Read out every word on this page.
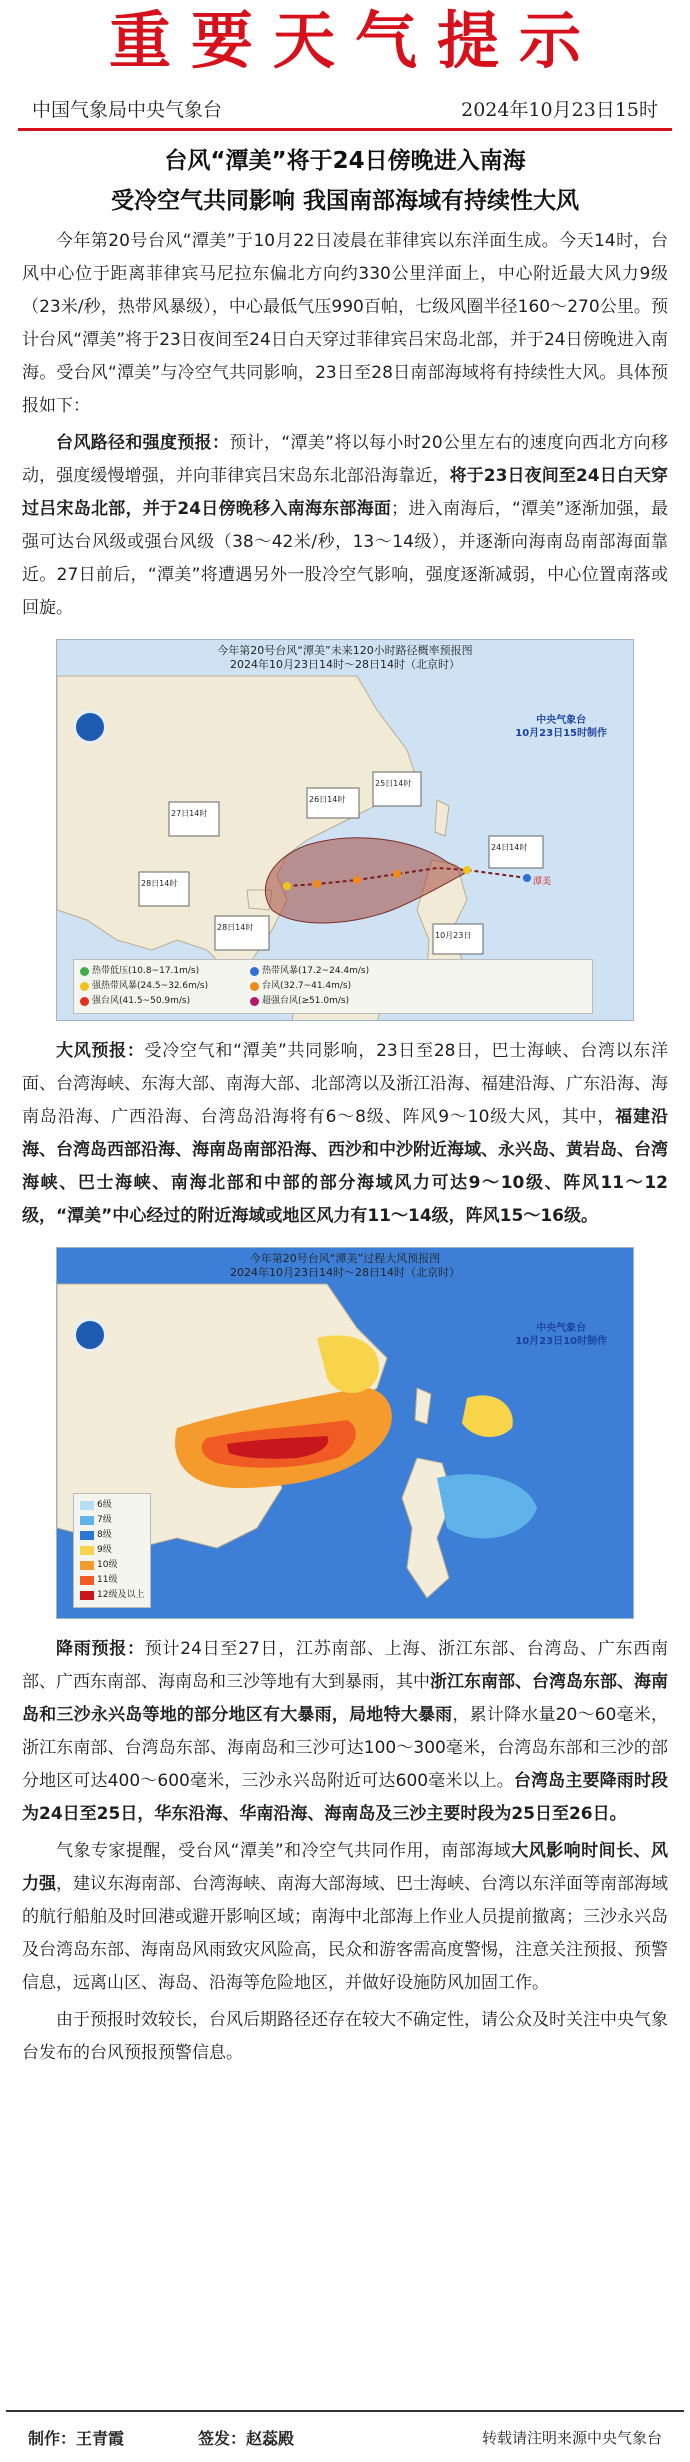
重要天气提示
中国气象局中央气象台	2024年10月23日15时
台风“潭美”将于24日傍晚进入南海
受冷空气共同影响 我国南部海域有持续性大风

今年第20号台风“潭美”于10月22日凌晨在菲律宾以东洋面生成。今天14时，台风中心位于距离菲律宾马尼拉东偏北方向约330公里洋面上，中心附近最大风力9级（23米/秒，热带风暴级），中心最低气压990百帕，七级风圈半径160～270公里。预计台风“潭美”将于23日夜间至24日白天穿过菲律宾吕宋岛北部，并于24日傍晚进入南海。受台风“潭美”与冷空气共同影响，23日至28日南部海域将有持续性大风。具体预报如下：

台风路径和强度预报：预计，“潭美”将以每小时20公里左右的速度向西北方向移动，强度缓慢增强，并向菲律宾吕宋岛东北部沿海靠近，将于23日夜间至24日白天穿过吕宋岛北部，并于24日傍晚移入南海东部海面；进入南海后，“潭美”逐渐加强，最强可达台风级或强台风级（38～42米/秒，13～14级），并逐渐向海南岛南部海面靠近。27日前后，“潭美”将遭遇另外一股冷空气影响，强度逐渐减弱，中心位置南落或回旋。

今年第20号台风“潭美”未来120小时路径概率预报图
2024年10月23日14时～28日14时（北京时）
中央气象台
10月23日15时制作
27日14时
26日14时
25日14时
24日14时
28日14时
28日14时
10月23日
潭美
热带低压(10.8~17.1m/s)	热带风暴(17.2~24.4m/s)
强热带风暴(24.5~32.6m/s)	台风(32.7~41.4m/s)
强台风(41.5~50.9m/s)	超强台风(≥51.0m/s)

大风预报：受冷空气和“潭美”共同影响，23日至28日，巴士海峡、台湾以东洋面、台湾海峡、东海大部、南海大部、北部湾以及浙江沿海、福建沿海、广东沿海、海南岛沿海、广西沿海、台湾岛沿海将有6～8级、阵风9～10级大风，其中，福建沿海、台湾岛西部沿海、海南岛南部沿海、西沙和中沙附近海域、永兴岛、黄岩岛、台湾海峡、巴士海峡、南海北部和中部的部分海域风力可达9～10级、阵风11～12级，“潭美”中心经过的附近海域或地区风力有11～14级，阵风15～16级。

今年第20号台风“潭美”过程大风预报图
2024年10月23日14时～28日14时（北京时）
中央气象台
10月23日10时制作
6级
7级
8级
9级
10级
11级
12级及以上

降雨预报：预计24日至27日，江苏南部、上海、浙江东部、台湾岛、广东西南部、广西东南部、海南岛和三沙等地有大到暴雨，其中浙江东南部、台湾岛东部、海南岛和三沙永兴岛等地的部分地区有大暴雨，局地特大暴雨，累计降水量20～60毫米，浙江东南部、台湾岛东部、海南岛和三沙可达100～300毫米，台湾岛东部和三沙的部分地区可达400～600毫米，三沙永兴岛附近可达600毫米以上。台湾岛主要降雨时段为24日至25日，华东沿海、华南沿海、海南岛及三沙主要时段为25日至26日。

气象专家提醒，受台风“潭美”和冷空气共同作用，南部海域大风影响时间长、风力强，建议东海南部、台湾海峡、南海大部海域、巴士海峡、台湾以东洋面等南部海域的航行船舶及时回港或避开影响区域；南海中北部海上作业人员提前撤离；三沙永兴岛及台湾岛东部、海南岛风雨致灾风险高，民众和游客需高度警惕，注意关注预报、预警信息，远离山区、海岛、沿海等危险地区，并做好设施防风加固工作。

由于预报时效较长，台风后期路径还存在较大不确定性，请公众及时关注中央气象台发布的台风预报预警信息。

制作：王青霞	签发：赵蕊殿	转载请注明来源中央气象台
